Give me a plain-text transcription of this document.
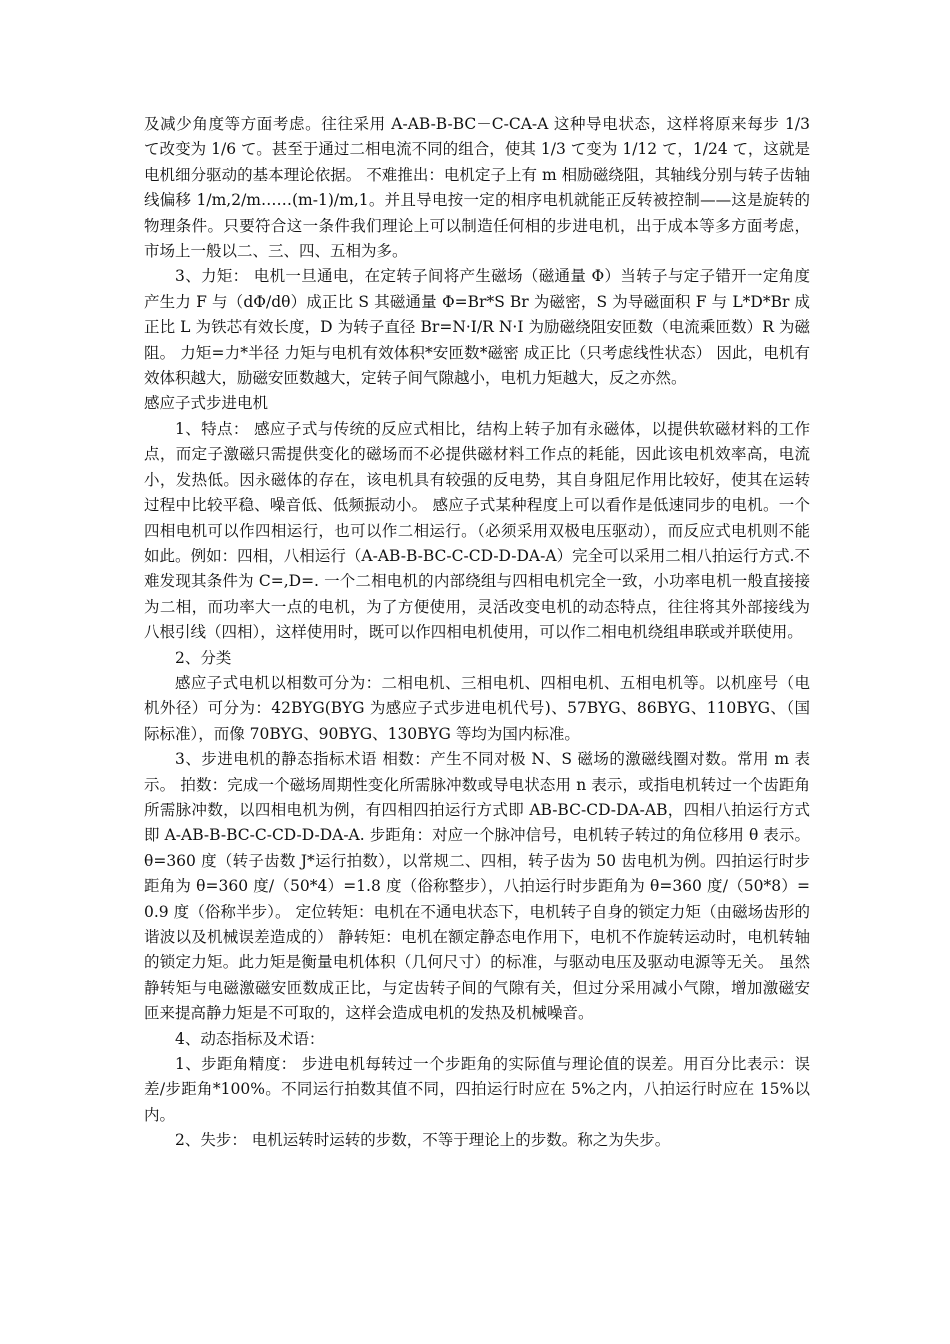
及减少角度等方面考虑。往往采用 A-AB-B-BC－C-CA-A 这种导电状态，这样将原来每步 1/3 て改变为 1/6 て。甚至于通过二相电流不同的组合，使其 1/3 て变为 1/12 て，1/24 て，这就是电机细分驱动的基本理论依据。 不难推出：电机定子上有 m 相励磁绕阻，其轴线分别与转子齿轴线偏移 1/m,2/m……(m-1)/m,1。并且导电按一定的相序电机就能正反转被控制——这是旋转的物理条件。只要符合这一条件我们理论上可以制造任何相的步进电机，出于成本等多方面考虑，市场上一般以二、三、四、五相为多。

3、力矩： 电机一旦通电，在定转子间将产生磁场（磁通量 Φ）当转子与定子错开一定角度产生力 F 与（dΦ/dθ）成正比 S 其磁通量 Φ=Br*S Br 为磁密，S 为导磁面积 F 与 L*D*Br 成正比 L 为铁芯有效长度，D 为转子直径 Br=N·I/R N·I 为励磁绕阻安匝数（电流乘匝数）R 为磁阻。 力矩=力*半径 力矩与电机有效体积*安匝数*磁密 成正比（只考虑线性状态） 因此，电机有效体积越大，励磁安匝数越大，定转子间气隙越小，电机力矩越大，反之亦然。

感应子式步进电机

1、特点： 感应子式与传统的反应式相比，结构上转子加有永磁体，以提供软磁材料的工作点，而定子激磁只需提供变化的磁场而不必提供磁材料工作点的耗能，因此该电机效率高，电流小，发热低。因永磁体的存在，该电机具有较强的反电势，其自身阻尼作用比较好，使其在运转过程中比较平稳、噪音低、低频振动小。 感应子式某种程度上可以看作是低速同步的电机。一个四相电机可以作四相运行，也可以作二相运行。（必须采用双极电压驱动），而反应式电机则不能如此。例如：四相，八相运行（A-AB-B-BC-C-CD-D-DA-A）完全可以采用二相八拍运行方式.不难发现其条件为 C=,D=. 一个二相电机的内部绕组与四相电机完全一致，小功率电机一般直接接为二相，而功率大一点的电机，为了方便使用，灵活改变电机的动态特点，往往将其外部接线为八根引线（四相），这样使用时，既可以作四相电机使用，可以作二相电机绕组串联或并联使用。

2、分类

感应子式电机以相数可分为：二相电机、三相电机、四相电机、五相电机等。以机座号（电机外径）可分为：42BYG(BYG 为感应子式步进电机代号)、57BYG、86BYG、110BYG、（国际标准），而像 70BYG、90BYG、130BYG 等均为国内标准。

3、步进电机的静态指标术语 相数：产生不同对极 N、S 磁场的激磁线圈对数。常用 m 表示。 拍数：完成一个磁场周期性变化所需脉冲数或导电状态用 n 表示，或指电机转过一个齿距角所需脉冲数，以四相电机为例，有四相四拍运行方式即 AB-BC-CD-DA-AB，四相八拍运行方式即 A-AB-B-BC-C-CD-D-DA-A. 步距角：对应一个脉冲信号，电机转子转过的角位移用 θ 表示。θ=360 度（转子齿数 J*运行拍数），以常规二、四相，转子齿为 50 齿电机为例。四拍运行时步距角为 θ=360 度/（50*4）=1.8 度（俗称整步），八拍运行时步距角为 θ=360 度/（50*8）=0.9 度（俗称半步）。 定位转矩：电机在不通电状态下，电机转子自身的锁定力矩（由磁场齿形的谐波以及机械误差造成的） 静转矩：电机在额定静态电作用下，电机不作旋转运动时，电机转轴的锁定力矩。此力矩是衡量电机体积（几何尺寸）的标准，与驱动电压及驱动电源等无关。 虽然静转矩与电磁激磁安匝数成正比，与定齿转子间的气隙有关，但过分采用减小气隙，增加激磁安匝来提高静力矩是不可取的，这样会造成电机的发热及机械噪音。

4、动态指标及术语：

1、步距角精度： 步进电机每转过一个步距角的实际值与理论值的误差。用百分比表示：误差/步距角*100%。不同运行拍数其值不同，四拍运行时应在 5%之内，八拍运行时应在 15%以内。

2、失步： 电机运转时运转的步数，不等于理论上的步数。称之为失步。
